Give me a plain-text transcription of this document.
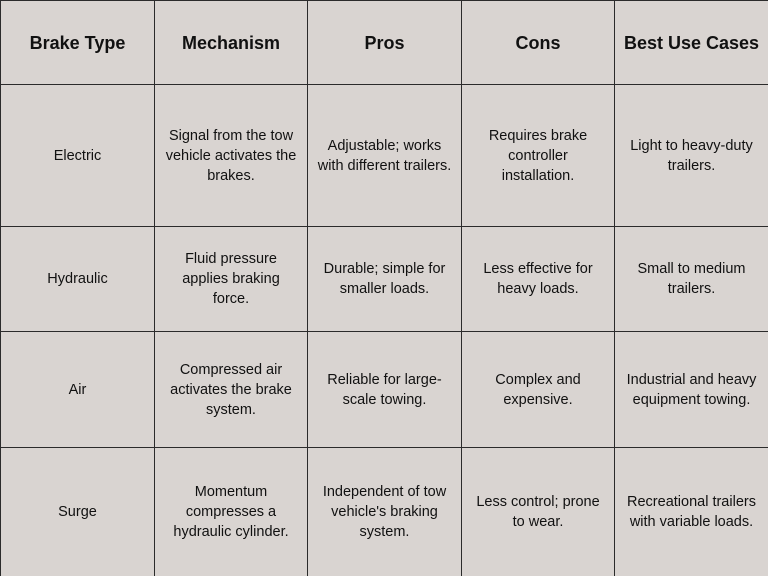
Brake Type	Mechanism	Pros	Cons	Best Use Cases
Electric	Signal from the tow vehicle activates the brakes.	Adjustable; works with different trailers.	Requires brake controller installation.	Light to heavy-duty trailers.
Hydraulic	Fluid pressure applies braking force.	Durable; simple for smaller loads.	Less effective for heavy loads.	Small to medium trailers.
Air	Compressed air activates the brake system.	Reliable for large-scale towing.	Complex and expensive.	Industrial and heavy equipment towing.
Surge	Momentum compresses a hydraulic cylinder.	Independent of tow vehicle's braking system.	Less control; prone to wear.	Recreational trailers with variable loads.
